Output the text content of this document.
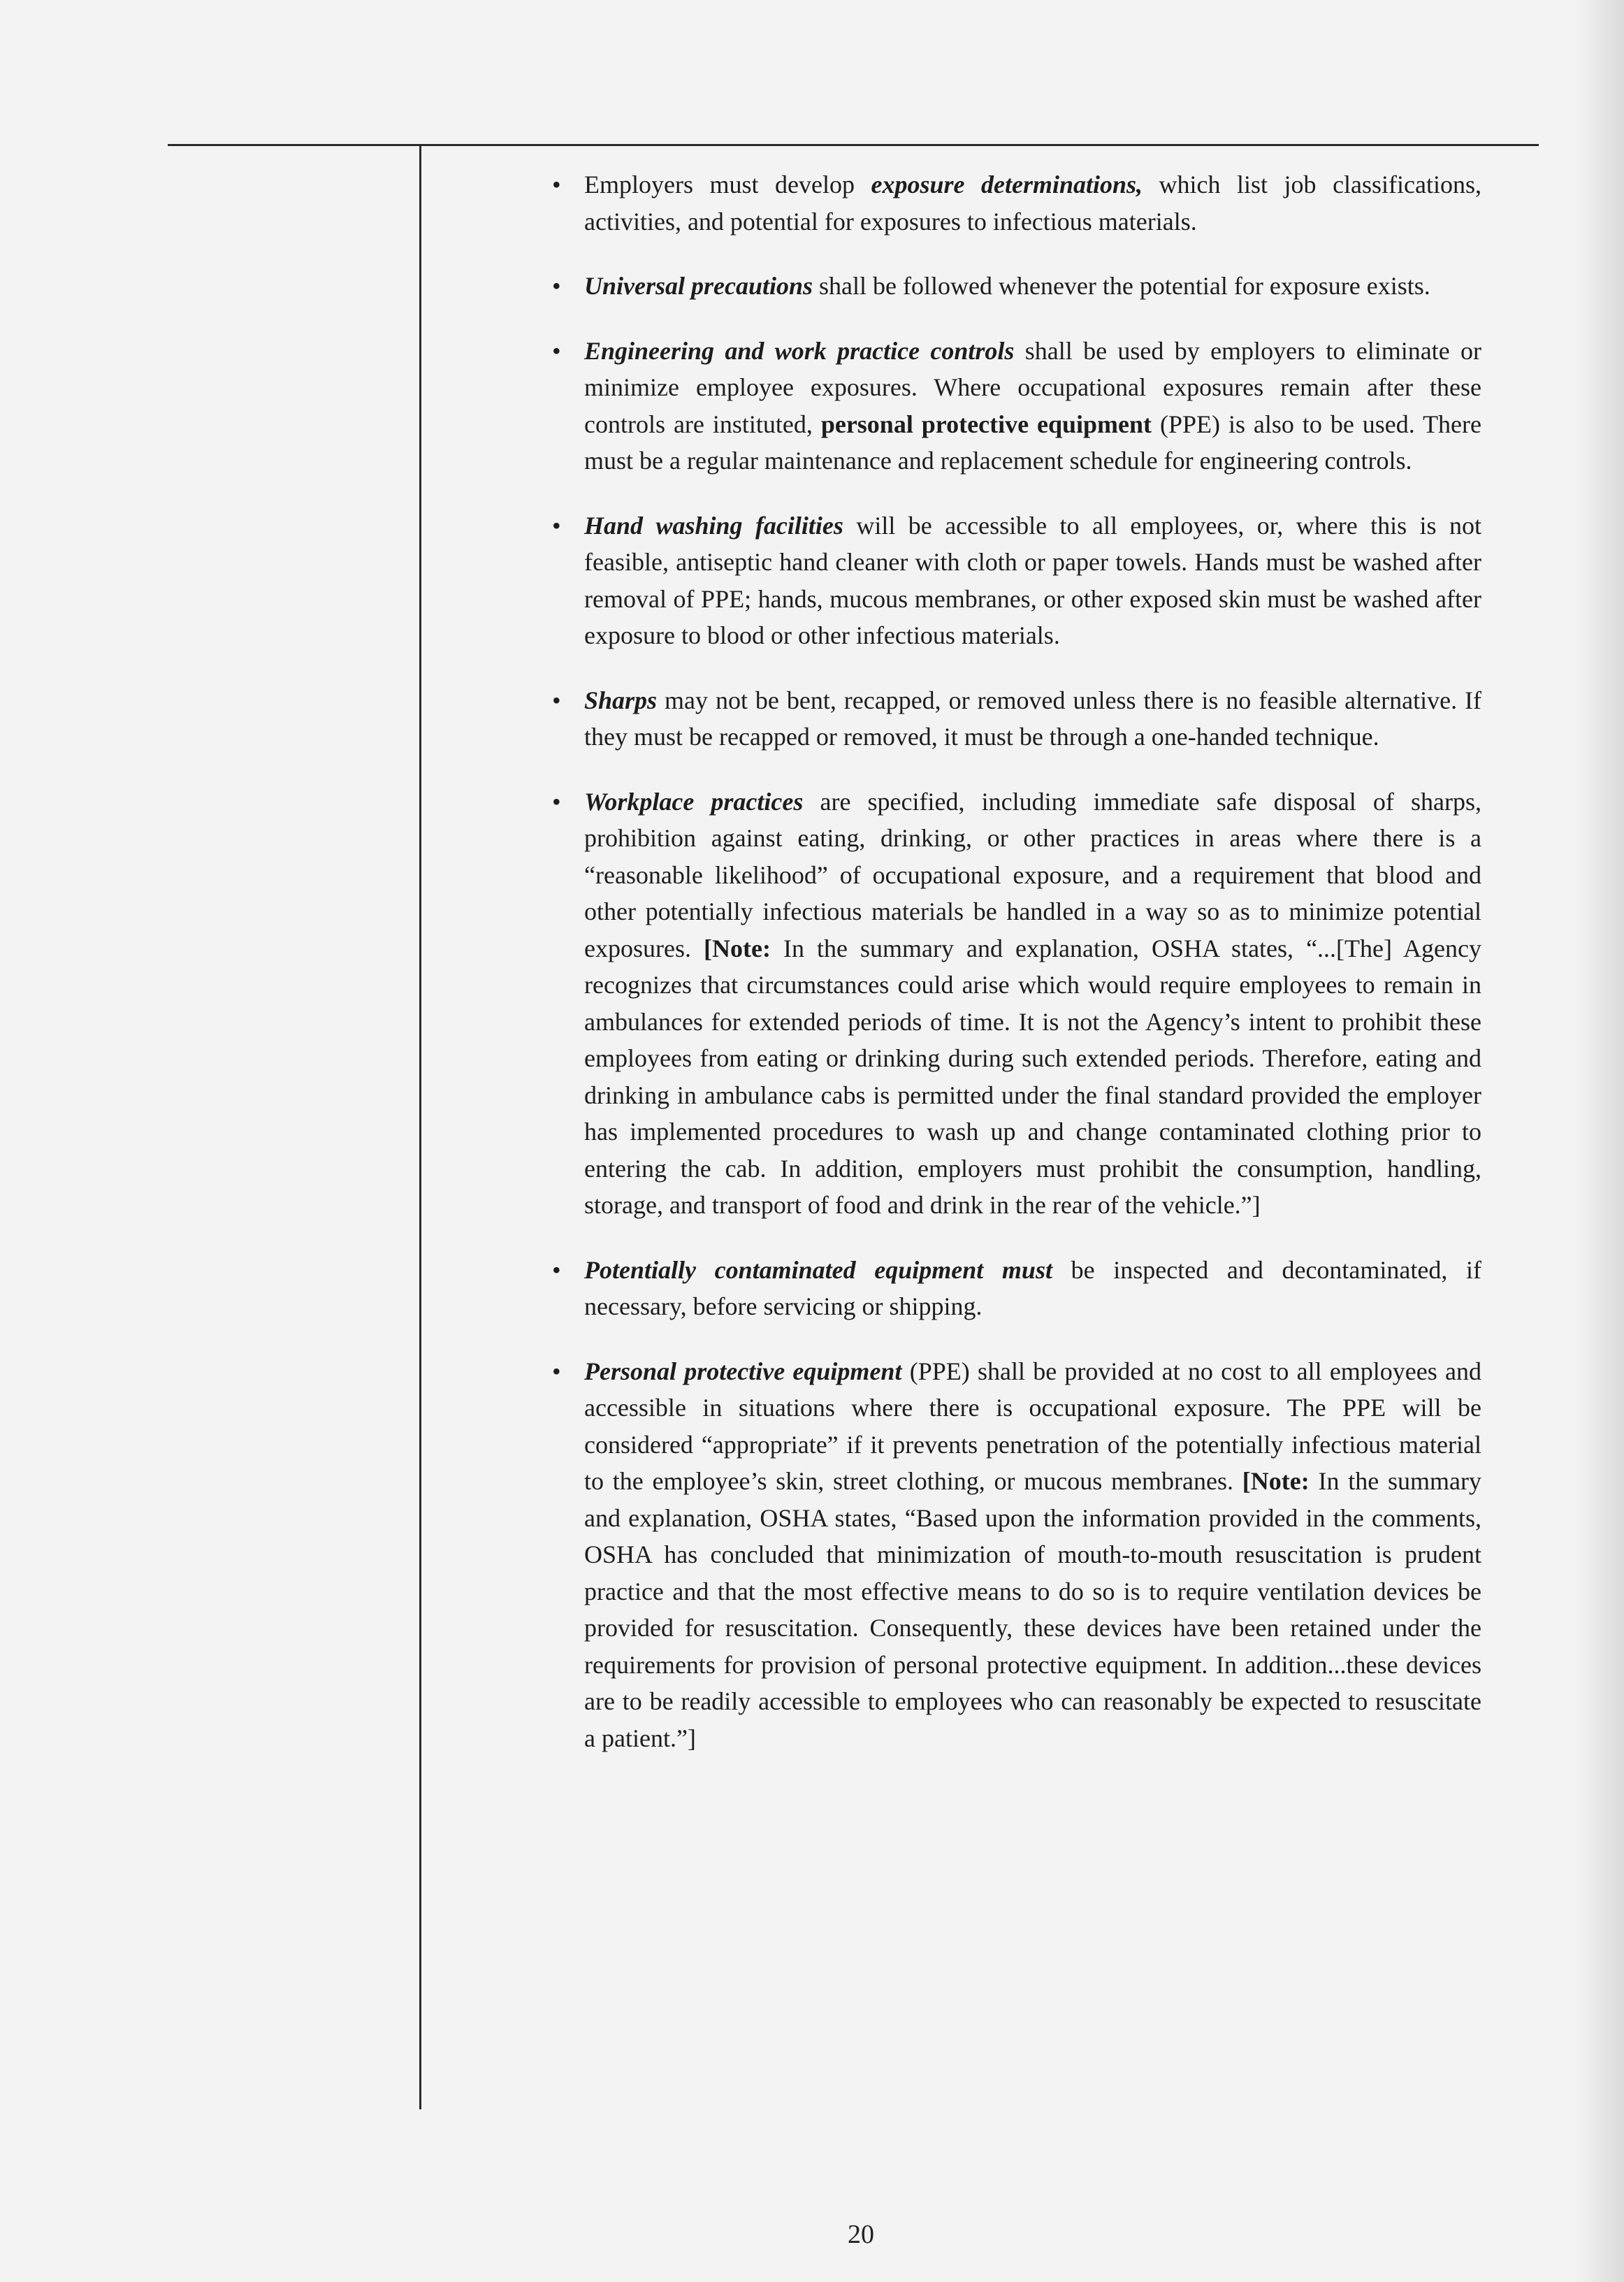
• Employers must develop exposure determinations, which list job classifications, activities, and potential for exposures to infectious materials.
• Universal precautions shall be followed whenever the potential for exposure exists.
• Engineering and work practice controls shall be used by employers to eliminate or minimize employee exposures. Where occupational exposures remain after these controls are instituted, personal protective equipment (PPE) is also to be used. There must be a regular maintenance and replacement schedule for engineering controls.
• Hand washing facilities will be accessible to all employees, or, where this is not feasible, antiseptic hand cleaner with cloth or paper towels. Hands must be washed after removal of PPE; hands, mucous membranes, or other exposed skin must be washed after exposure to blood or other infectious materials.
• Sharps may not be bent, recapped, or removed unless there is no feasible alternative. If they must be recapped or removed, it must be through a one-handed technique.
• Workplace practices are specified, including immediate safe disposal of sharps, prohibition against eating, drinking, or other practices in areas where there is a “reasonable likelihood” of occupational exposure, and a requirement that blood and other potentially infectious materials be handled in a way so as to minimize potential exposures. [Note: In the summary and explanation, OSHA states, “...[The] Agency recognizes that circumstances could arise which would require employees to remain in ambulances for extended periods of time. It is not the Agency’s intent to prohibit these employees from eating or drinking during such extended periods. Therefore, eating and drinking in ambulance cabs is permitted under the final standard provided the employer has implemented procedures to wash up and change contaminated clothing prior to entering the cab. In addition, employers must prohibit the consumption, handling, storage, and transport of food and drink in the rear of the vehicle.”]
• Potentially contaminated equipment must be inspected and decontaminated, if necessary, before servicing or shipping.
• Personal protective equipment (PPE) shall be provided at no cost to all employees and accessible in situations where there is occupational exposure. The PPE will be considered “appropriate” if it prevents penetration of the potentially infectious material to the employee’s skin, street clothing, or mucous membranes. [Note: In the summary and explanation, OSHA states, “Based upon the information provided in the comments, OSHA has concluded that minimization of mouth-to-mouth resuscitation is prudent practice and that the most effective means to do so is to require ventilation devices be provided for resuscitation. Consequently, these devices have been retained under the requirements for provision of personal protective equipment. In addition...these devices are to be readily accessible to employees who can reasonably be expected to resuscitate a patient.”]
20
